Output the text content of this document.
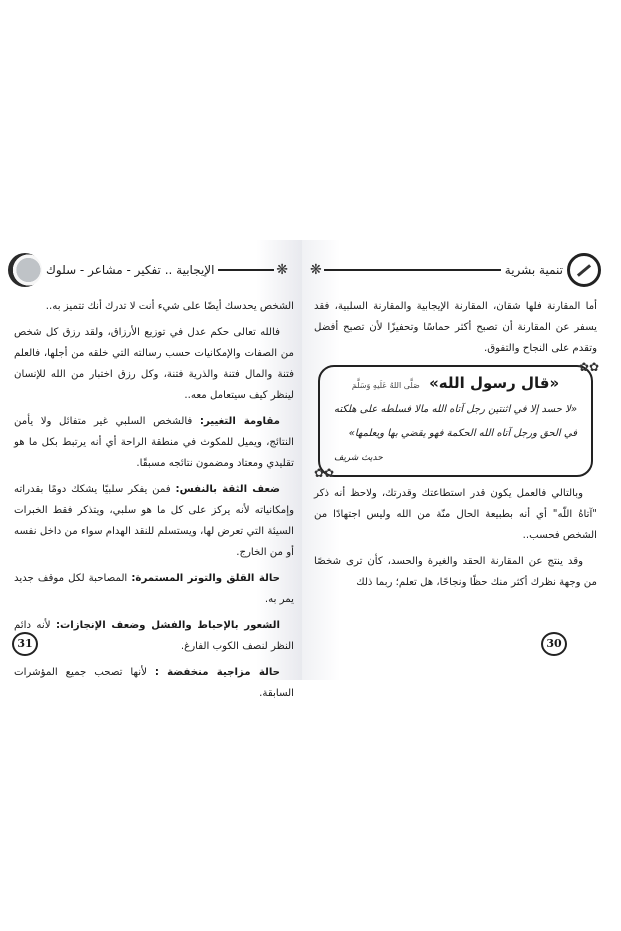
الإيجابية .. تفكير - مشاعر - سلوك	❋

الشخص يحدسك أيضًا على شيء أنت لا تدرك أنك تتميز به..

فالله تعالى حكم عدل في توزيع الأرزاق، ولقد رزق كل شخص من الصفات والإمكانيات حسب رسالته التي خلقه من أجلها، فالعلم فتنة والمال فتنة والذرية فتنة، وكل رزق اختبار من الله للإنسان لينظر كيف سيتعامل معه..

مقاومة التغيير: فالشخص السلبي غير متفائل ولا يأمن النتائج، ويميل للمكوث في منطقة الراحة أي أنه يرتبط بكل ما هو تقليدي ومعتاد ومضمون نتائجه مسبقًا.

ضعف الثقة بالنفس: فمن يفكر سلبيًا يشكك دومًا بقدراته وإمكانياته لأنه يركز على كل ما هو سلبي، ويتذكر فقط الخبرات السيئة التي تعرض لها، ويستسلم للنقد الهدام سواء من داخل نفسه أو من الخارج.

حالة القلق والتوتر المستمرة: المصاحبة لكل موقف جديد يمر به.

الشعور بالإحباط والفشل وضعف الإنجازات: لأنه دائم النظر لنصف الكوب الفارغ.

حالة مزاجية منخفضة : لأنها تصحب جميع المؤشرات السابقة.

31
❋	تنمية بشرية

أما المقارنة فلها شقان، المقارنة الإيجابية والمقارنة السلبية، فقد يسفر عن المقارنة أن تصبح أكثر حماسًا وتحفيزًا لأن تصبح أفضل وتقدم على النجاح والتفوق.

✿✿
«قال رسول الله» صَلَّى اللهُ عَلَيهِ وَسَلَّمَ
«لا حسد إلا في اثنتين رجل آتاه الله مالا فسلطه على هلكته في الحق ورجل آتاه الله الحكمة فهو يقضي بها ويعلمها»
حديث شريف
✿✿

وبالتالي فالعمل يكون قدر استطاعتك وقدرتك، ولاحظ أنه ذكر "آتاهُ اللّه" أي أنه بطبيعة الحال منّة من الله وليس اجتهادًا من الشخص فحسب..

وقد ينتج عن المقارنة الحقد والغيرة والحسد، كأن ترى شخصًا من وجهة نظرك أكثر منك حظًا ونجاحًا، هل تعلم؛ ربما ذلك

30
